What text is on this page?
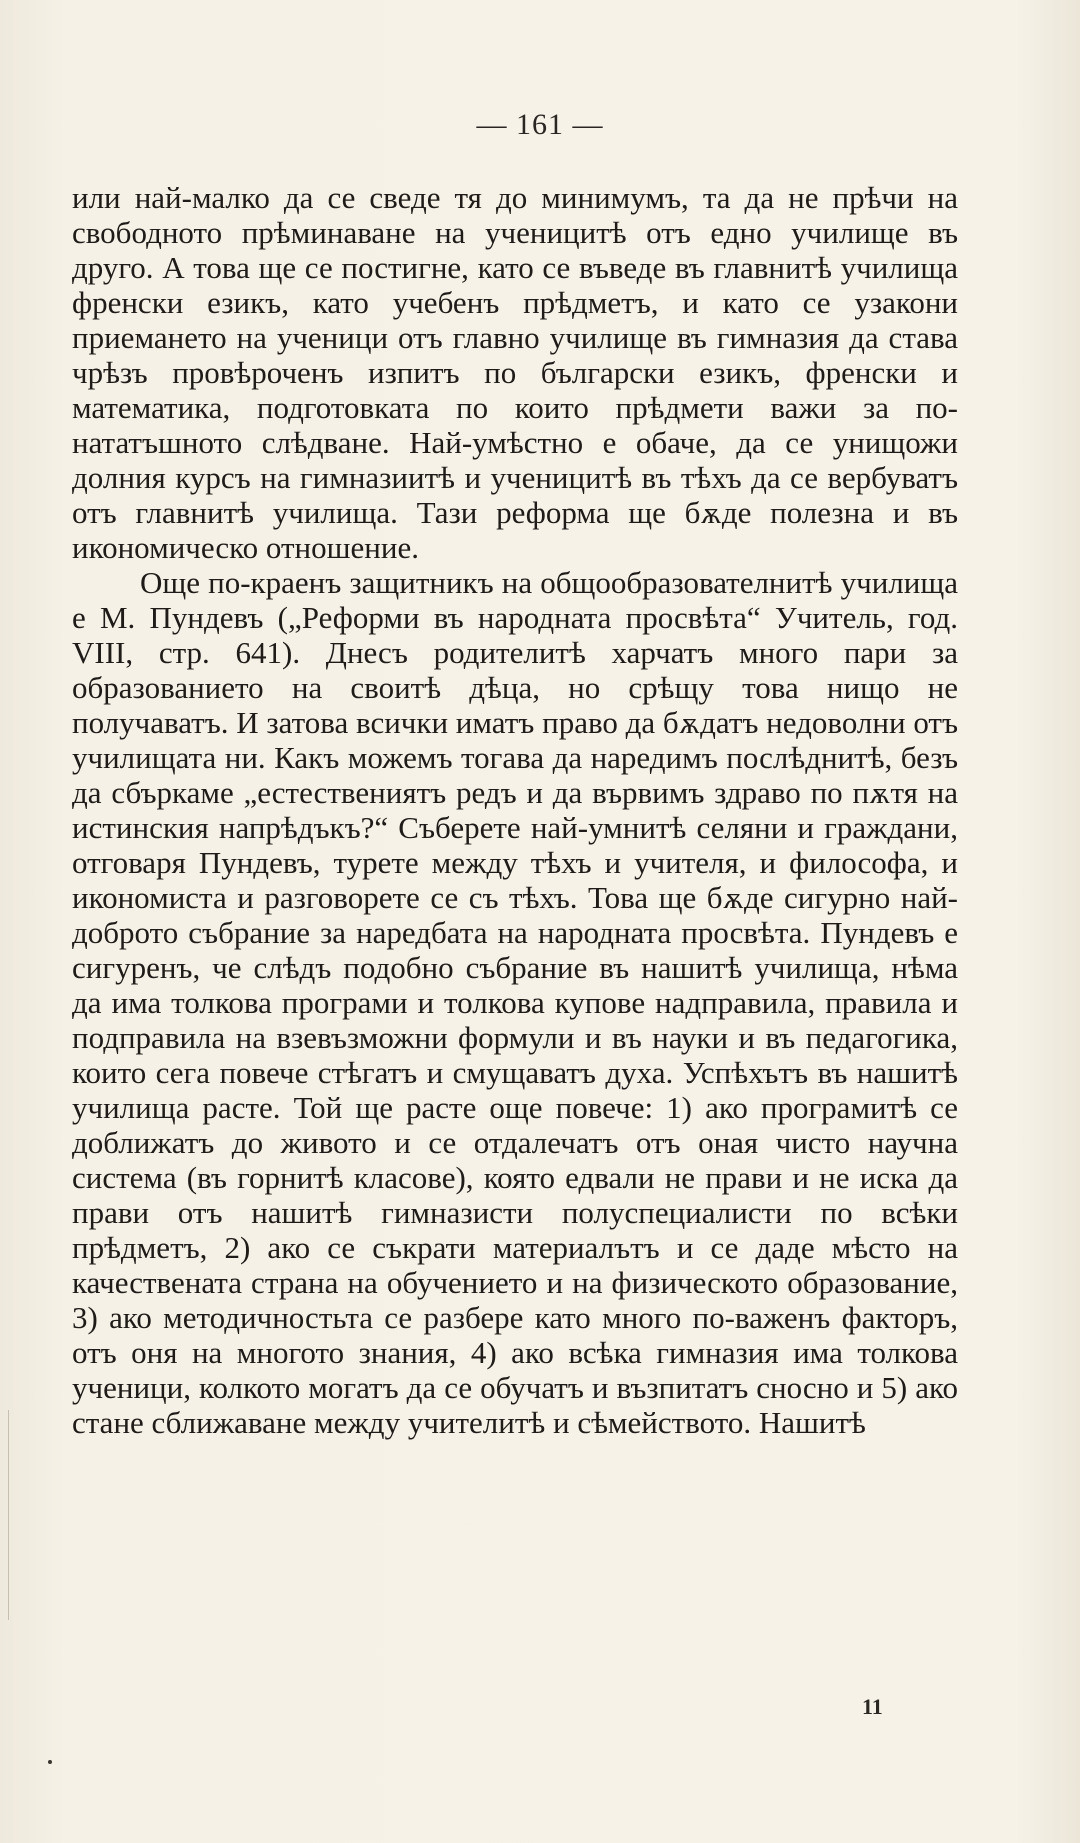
— 161 —

или най-малко да се сведе тя до минимумъ, та да не прѣчи на свободното прѣминаване на ученицитѣ отъ едно училище въ друго. А това ще се постигне, като се въведе въ главнитѣ училища френски езикъ, като учебенъ прѣдметъ, и като се узакони приемането на ученици отъ главно училище въ гимназия да става чрѣзъ провѣроченъ изпитъ по български езикъ, френски и математика, подготовката по които прѣдмети важи за по-нататъшното слѣдване. Най-умѣстно е обаче, да се унищожи долния курсъ на гимназиитѣ и ученицитѣ въ тѣхъ да се вербуватъ отъ главнитѣ училища. Тази реформа ще бѫде полезна и въ икономическо отношение.

Още по-краенъ защитникъ на общообразователнитѣ училища е М. Пундевъ („Реформи въ народната просвѣта“ Учитель, год. VIII, стр. 641). Днесъ родителитѣ харчатъ много пари за образованието на своитѣ дѣца, но срѣщу това нищо не получаватъ. И затова всички иматъ право да бѫдатъ недоволни отъ училищата ни. Какъ можемъ тогава да наредимъ послѣднитѣ, безъ да сбъркаме „естествениятъ редъ и да вървимъ здраво по пѫтя на истинския напрѣдъкъ?“ Съберете най-умнитѣ селяни и граждани, отговаря Пундевъ, турете между тѣхъ и учителя, и философа, и икономиста и разговорете се съ тѣхъ. Това ще бѫде сигурно най-доброто събрание за наредбата на народната просвѣта. Пундевъ е сигуренъ, че слѣдъ подобно събрание въ нашитѣ училища, нѣма да има толкова програми и толкова купове надправила, правила и подправила на взевъзможни формули и въ науки и въ педагогика, които сега повече стѣгатъ и смущаватъ духа. Успѣхътъ въ нашитѣ училища расте. Той ще расте още повече: 1) ако програмитѣ се доближатъ до живото и се отдалечатъ отъ оная чисто научна система (въ горнитѣ класове), която едвали не прави и не иска да прави отъ нашитѣ гимназисти полуспециалисти по всѣки прѣдметъ, 2) ако се съкрати материалътъ и се даде мѣсто на качествената страна на обучението и на физическото образование, 3) ако методичностьта се разбере като много по-важенъ факторъ, отъ оня на многото знания, 4) ако всѣка гимназия има толкова ученици, колкото могатъ да се обучатъ и възпитатъ сносно и 5) ако стане сближаване между учителитѣ и сѣмейството. Нашитѣ

11
